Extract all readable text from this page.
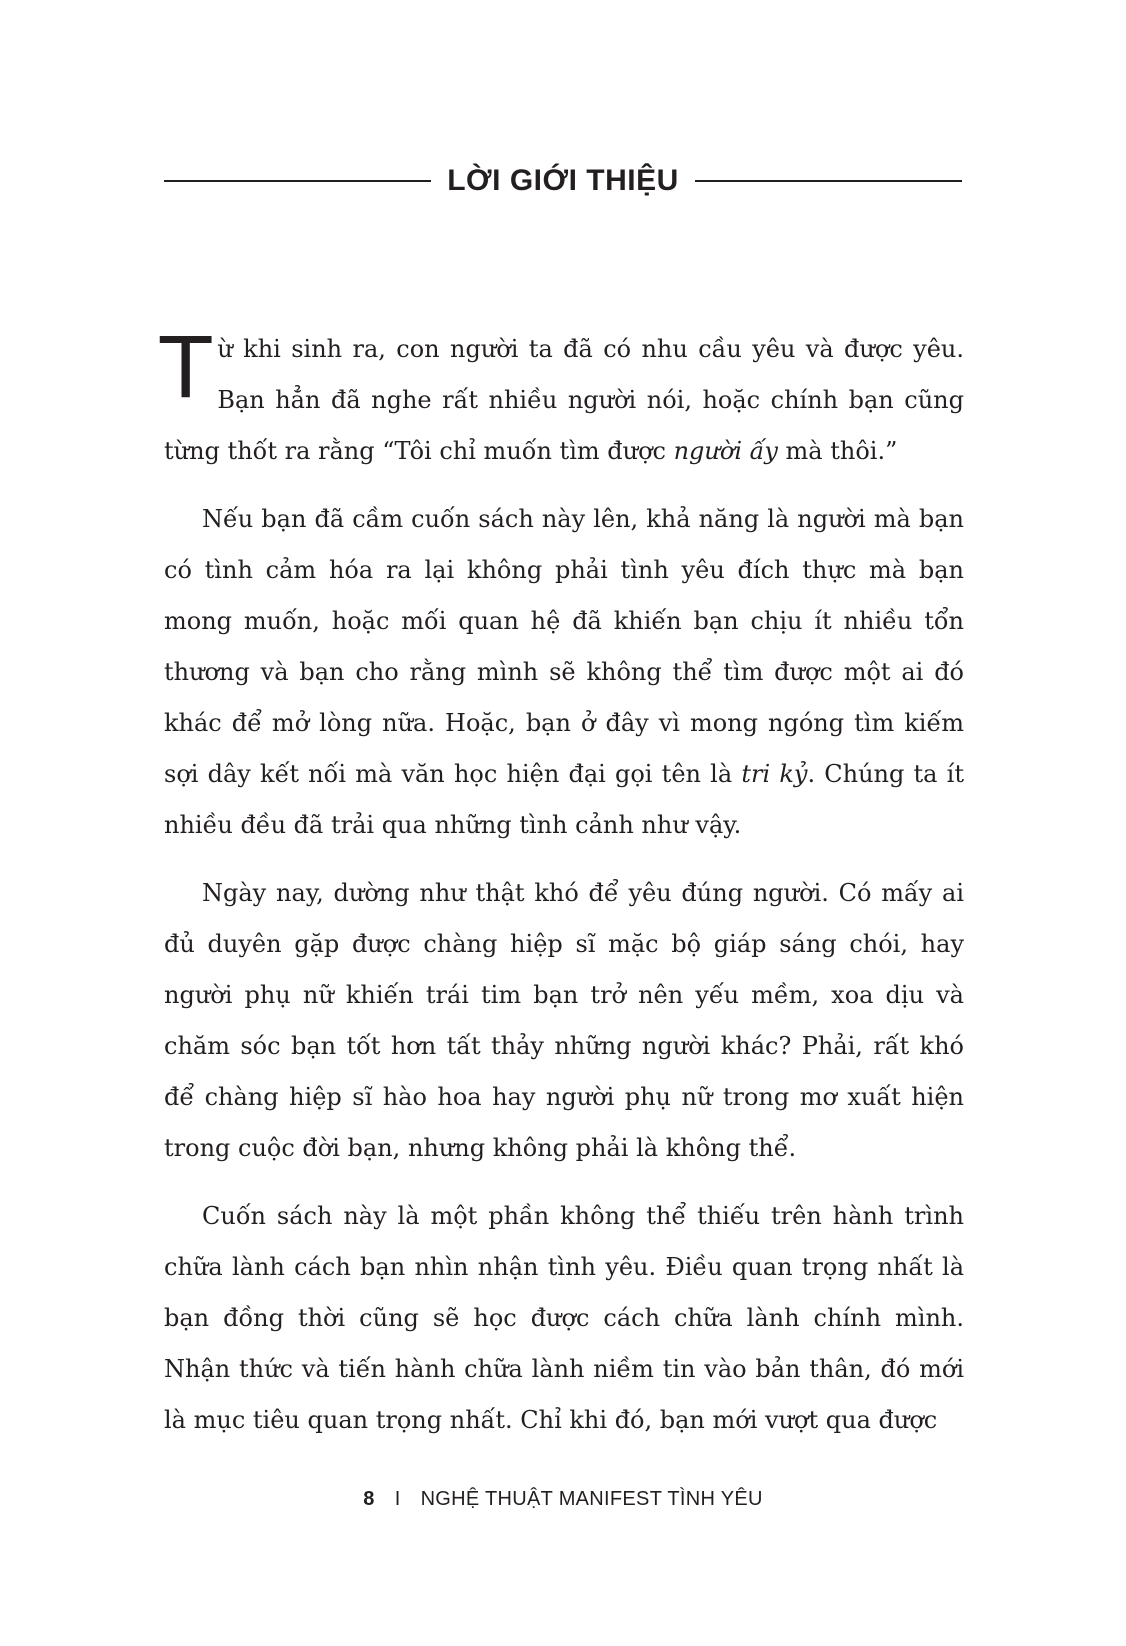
LỜI GIỚI THIỆU

Từ khi sinh ra, con người ta đã có nhu cầu yêu và được yêu. Bạn hẳn đã nghe rất nhiều người nói, hoặc chính bạn cũng từng thốt ra rằng “Tôi chỉ muốn tìm được người ấy mà thôi.”

Nếu bạn đã cầm cuốn sách này lên, khả năng là người mà bạn có tình cảm hóa ra lại không phải tình yêu đích thực mà bạn mong muốn, hoặc mối quan hệ đã khiến bạn chịu ít nhiều tổn thương và bạn cho rằng mình sẽ không thể tìm được một ai đó khác để mở lòng nữa. Hoặc, bạn ở đây vì mong ngóng tìm kiếm sợi dây kết nối mà văn học hiện đại gọi tên là tri kỷ. Chúng ta ít nhiều đều đã trải qua những tình cảnh như vậy.

Ngày nay, dường như thật khó để yêu đúng người. Có mấy ai đủ duyên gặp được chàng hiệp sĩ mặc bộ giáp sáng chói, hay người phụ nữ khiến trái tim bạn trở nên yếu mềm, xoa dịu và chăm sóc bạn tốt hơn tất thảy những người khác? Phải, rất khó để chàng hiệp sĩ hào hoa hay người phụ nữ trong mơ xuất hiện trong cuộc đời bạn, nhưng không phải là không thể.

Cuốn sách này là một phần không thể thiếu trên hành trình chữa lành cách bạn nhìn nhận tình yêu. Điều quan trọng nhất là bạn đồng thời cũng sẽ học được cách chữa lành chính mình. Nhận thức và tiến hành chữa lành niềm tin vào bản thân, đó mới là mục tiêu quan trọng nhất. Chỉ khi đó, bạn mới vượt qua được

8 I NGHỆ THUẬT MANIFEST TÌNH YÊU
